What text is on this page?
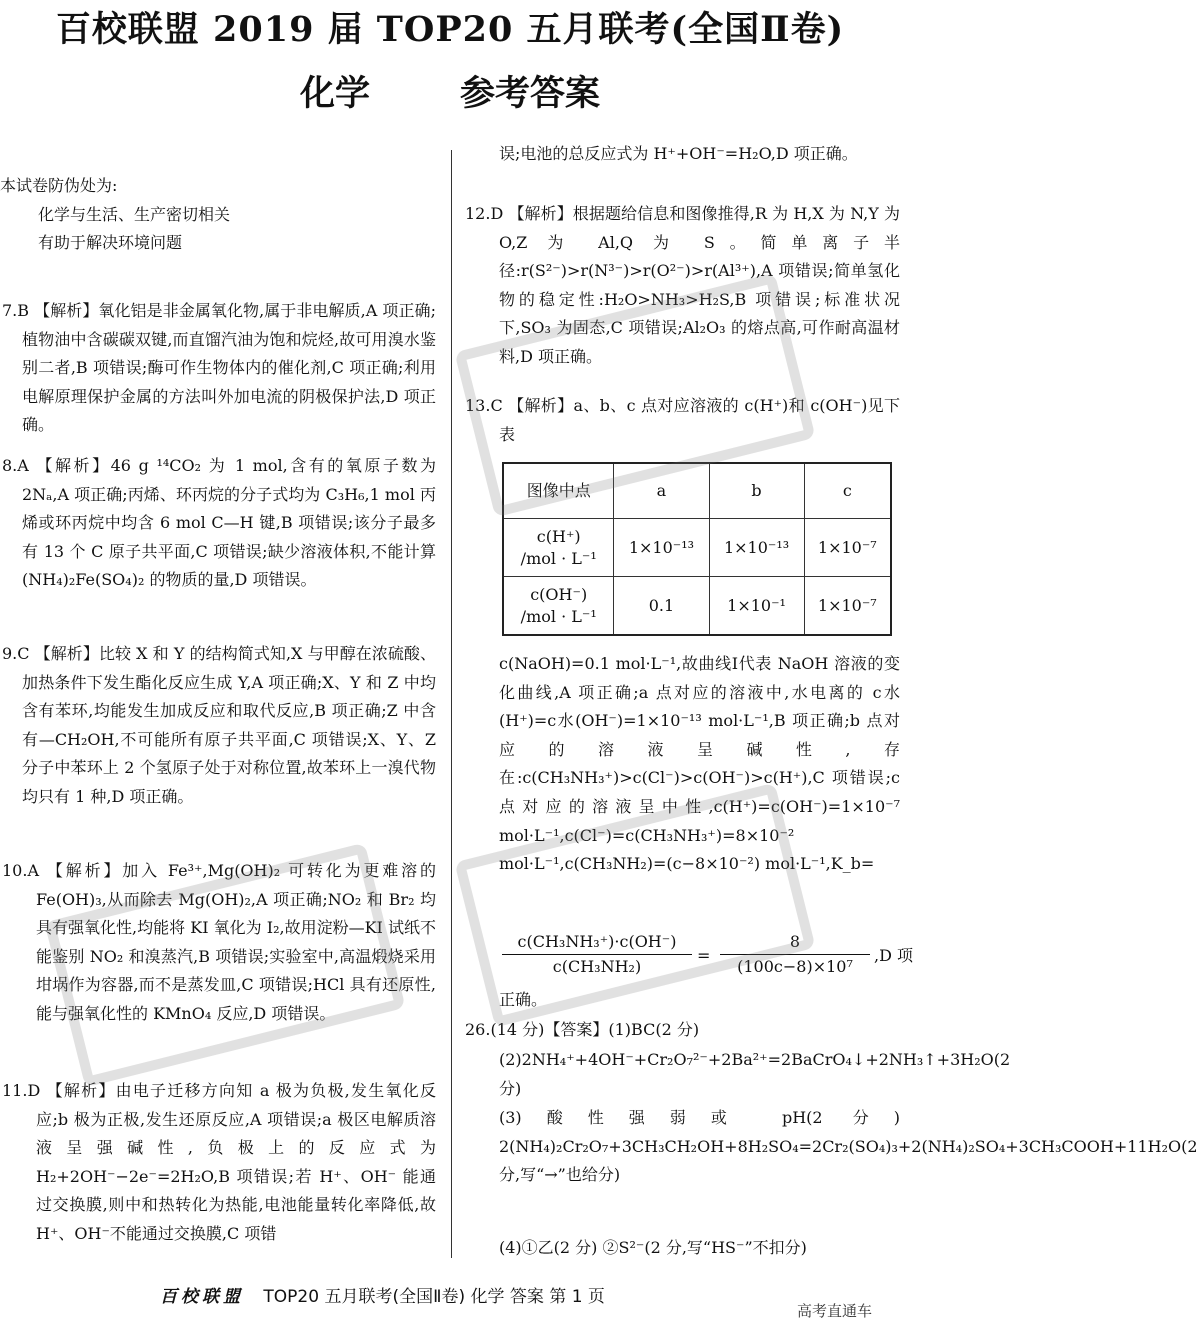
百校联盟 2019 届 TOP20 五月联考(全国Ⅱ卷)
化学	参考答案

本试卷防伪处为:

化学与生活、生产密切相关

有助于解决环境问题

7.B 【解析】氧化铝是非金属氧化物,属于非电解质,A 项正确;植物油中含碳碳双键,而直馏汽油为饱和烷烃,故可用溴水鉴别二者,B 项错误;酶可作生物体内的催化剂,C 项正确;利用电解原理保护金属的方法叫外加电流的阴极保护法,D 项正确。
8.A 【解析】46 g ¹⁴CO₂ 为 1 mol,含有的氧原子数为 2Nₐ,A 项正确;丙烯、环丙烷的分子式均为 C₃H₆,1 mol 丙烯或环丙烷中均含 6 mol C—H 键,B 项错误;该分子最多有 13 个 C 原子共平面,C 项错误;缺少溶液体积,不能计算(NH₄)₂Fe(SO₄)₂ 的物质的量,D 项错误。
9.C 【解析】比较 X 和 Y 的结构简式知,X 与甲醇在浓硫酸、加热条件下发生酯化反应生成 Y,A 项正确;X、Y 和 Z 中均含有苯环,均能发生加成反应和取代反应,B 项正确;Z 中含有—CH₂OH,不可能所有原子共平面,C 项错误;X、Y、Z 分子中苯环上 2 个氢原子处于对称位置,故苯环上一溴代物均只有 1 种,D 项正确。
10.A 【解析】加入 Fe³⁺,Mg(OH)₂ 可转化为更难溶的 Fe(OH)₃,从而除去 Mg(OH)₂,A 项正确;NO₂ 和 Br₂ 均具有强氧化性,均能将 KI 氧化为 I₂,故用淀粉—KI 试纸不能鉴别 NO₂ 和溴蒸汽,B 项错误;实验室中,高温煅烧采用坩埚作为容器,而不是蒸发皿,C 项错误;HCl 具有还原性,能与强氧化性的 KMnO₄ 反应,D 项错误。
11.D 【解析】由电子迁移方向知 a 极为负极,发生氧化反应;b 极为正极,发生还原反应,A 项错误;a 极区电解质溶液呈强碱性,负极上的反应式为 H₂+2OH⁻−2e⁻=2H₂O,B 项错误;若 H⁺、OH⁻ 能通过交换膜,则中和热转化为热能,电池能量转化率降低,故 H⁺、OH⁻不能通过交换膜,C 项错
误;电池的总反应式为 H⁺+OH⁻=H₂O,D 项正确。
12.D 【解析】根据题给信息和图像推得,R 为 H,X 为 N,Y 为 O,Z 为 Al,Q 为 S。简单离子半径:r(S²⁻)>r(N³⁻)>r(O²⁻)>r(Al³⁺),A 项错误;简单氢化物的稳定性:H₂O>NH₃>H₂S,B 项错误;标准状况下,SO₃ 为固态,C 项错误;Al₂O₃ 的熔点高,可作耐高温材料,D 项正确。
13.C 【解析】a、b、c 点对应溶液的 c(H⁺)和 c(OH⁻)见下表
图像中点	a	b	c
c(H⁺)
/mol · L⁻¹	1×10⁻¹³	1×10⁻¹³	1×10⁻⁷
c(OH⁻)
/mol · L⁻¹	0.1	1×10⁻¹	1×10⁻⁷
c(NaOH)=0.1 mol·L⁻¹,故曲线Ⅰ代表 NaOH 溶液的变化曲线,A 项正确;a 点对应的溶液中,水电离的 c水(H⁺)=c水(OH⁻)=1×10⁻¹³ mol·L⁻¹,B 项正确;b 点对应的溶液呈碱性,存在:c(CH₃NH₃⁺)>c(Cl⁻)>c(OH⁻)>c(H⁺),C 项错误;c 点对应的溶液呈中性,c(H⁺)=c(OH⁻)=1×10⁻⁷ mol·L⁻¹,c(Cl⁻)=c(CH₃NH₃⁺)=8×10⁻² mol·L⁻¹,c(CH₃NH₂)=(c−8×10⁻²) mol·L⁻¹,K_b=
$\frac{\text{c(CH₃NH₃⁺)·c(OH⁻)}}{\text{c(CH₃NH₂)}} = \frac{8}{\text{(100c−8)×10⁷}} ,D$ 项
正确。
26.(14 分)【答案】(1)BC(2 分)
(2)2NH₄⁺+4OH⁻+Cr₂O₇²⁻+2Ba²⁺=2BaCrO₄↓+2NH₃↑+3H₂O(2 分)
(3)酸性强弱或 pH(2 分) 2(NH₄)₂Cr₂O₇+3CH₃CH₂OH+8H₂SO₄=2Cr₂(SO₄)₃+2(NH₄)₂SO₄+3CH₃COOH+11H₂O(2 分,写“→”也给分)
(4)①乙(2 分) ②S²⁻(2 分,写“HS⁻”不扣分)
百校联盟 TOP20 五月联考(全国Ⅱ卷) 化学 答案 第 1 页
高考直通车
